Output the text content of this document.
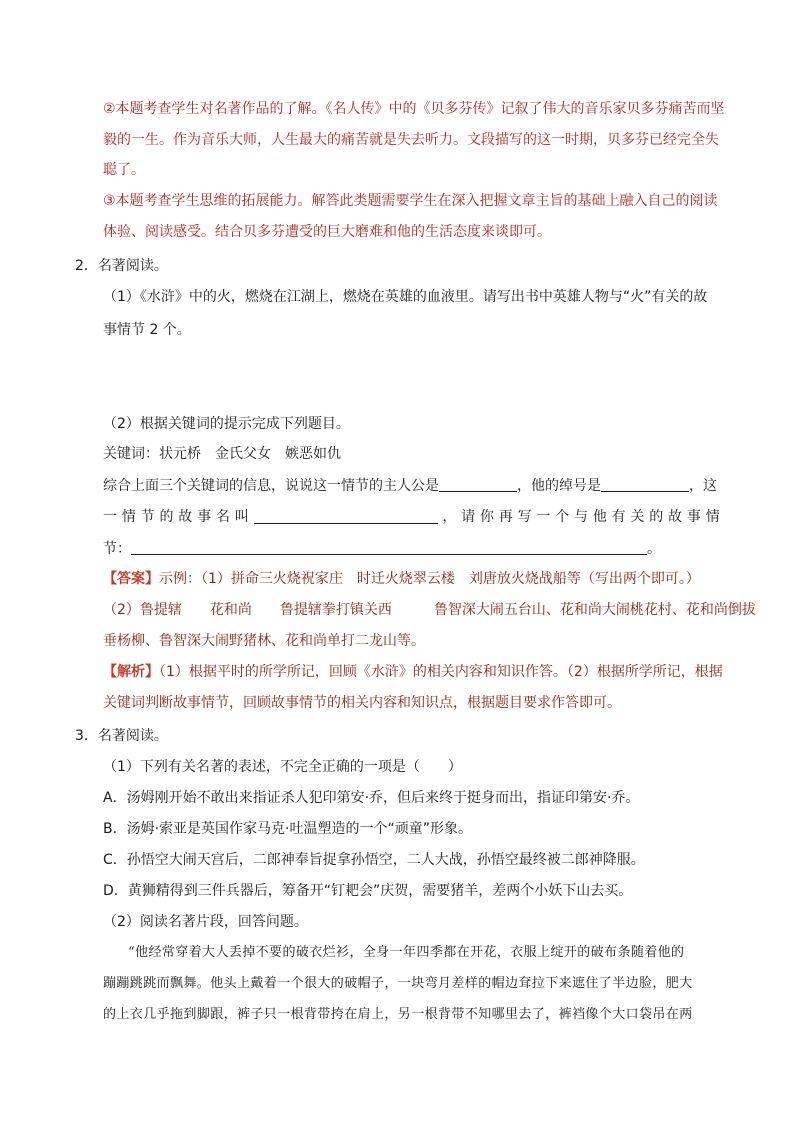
②本题考查学生对名著作品的了解。《名人传》中的《贝多芬传》记叙了伟大的音乐家贝多芬痛苦而坚
毅的一生。作为音乐大师，人生最大的痛苦就是失去听力。文段描写的这一时期，贝多芬已经完全失
聪了。
③本题考查学生思维的拓展能力。解答此类题需要学生在深入把握文章主旨的基础上融入自己的阅读
体验、阅读感受。结合贝多芬遭受的巨大磨难和他的生活态度来谈即可。
2．名著阅读。
（1）《水浒》中的火，燃烧在江湖上，燃烧在英雄的血液里。请写出书中英雄人物与“火”有关的故
事情节 2 个。
（2）根据关键词的提示完成下列题目。
关键词：状元桥　金氏父女　嫉恶如仇
综合上面三个关键词的信息，说说这一情节的主人公是	，他的绰号是	，这
一 情 节 的 故 事 名 叫	， 请 你 再 写 一 个 与 他 有 关 的 故 事 情
节：	。
【答案】示例：（1）拼命三火烧祝家庄　时迁火烧翠云楼　刘唐放火烧战船等（写出两个即可。）
（2）鲁提辖　　花和尚　　鲁提辖拳打镇关西　　　鲁智深大闹五台山、花和尚大闹桃花村、花和尚倒拔
垂杨柳、鲁智深大闹野猪林、花和尚单打二龙山等。
【解析】（1）根据平时的所学所记，回顾《水浒》的相关内容和知识作答。（2）根据所学所记，根据
关键词判断故事情节，回顾故事情节的相关内容和知识点，根据题目要求作答即可。
3．名著阅读。
（1）下列有关名著的表述，不完全正确的一项是（　　）
A．汤姆刚开始不敢出来指证杀人犯印第安·乔，但后来终于挺身而出，指证印第安·乔。
B．汤姆·索亚是英国作家马克·吐温塑造的一个“顽童”形象。
C．孙悟空大闹天宫后，二郎神奉旨捉拿孙悟空，二人大战，孙悟空最终被二郎神降服。
D．黄狮精得到三件兵器后，筹备开“钉耙会”庆贺，需要猪羊，差两个小妖下山去买。
（2）阅读名著片段，回答问题。
“他经常穿着大人丢掉不要的破衣烂衫，全身一年四季都在开花，衣服上绽开的破布条随着他的
蹦蹦跳跳而飘舞。他头上戴着一个很大的破帽子，一块弯月差样的帽边耷拉下来遮住了半边脸，肥大
的上衣几乎拖到脚跟，裤子只一根背带挎在肩上，另一根背带不知哪里去了，裤裆像个大口袋吊在两
